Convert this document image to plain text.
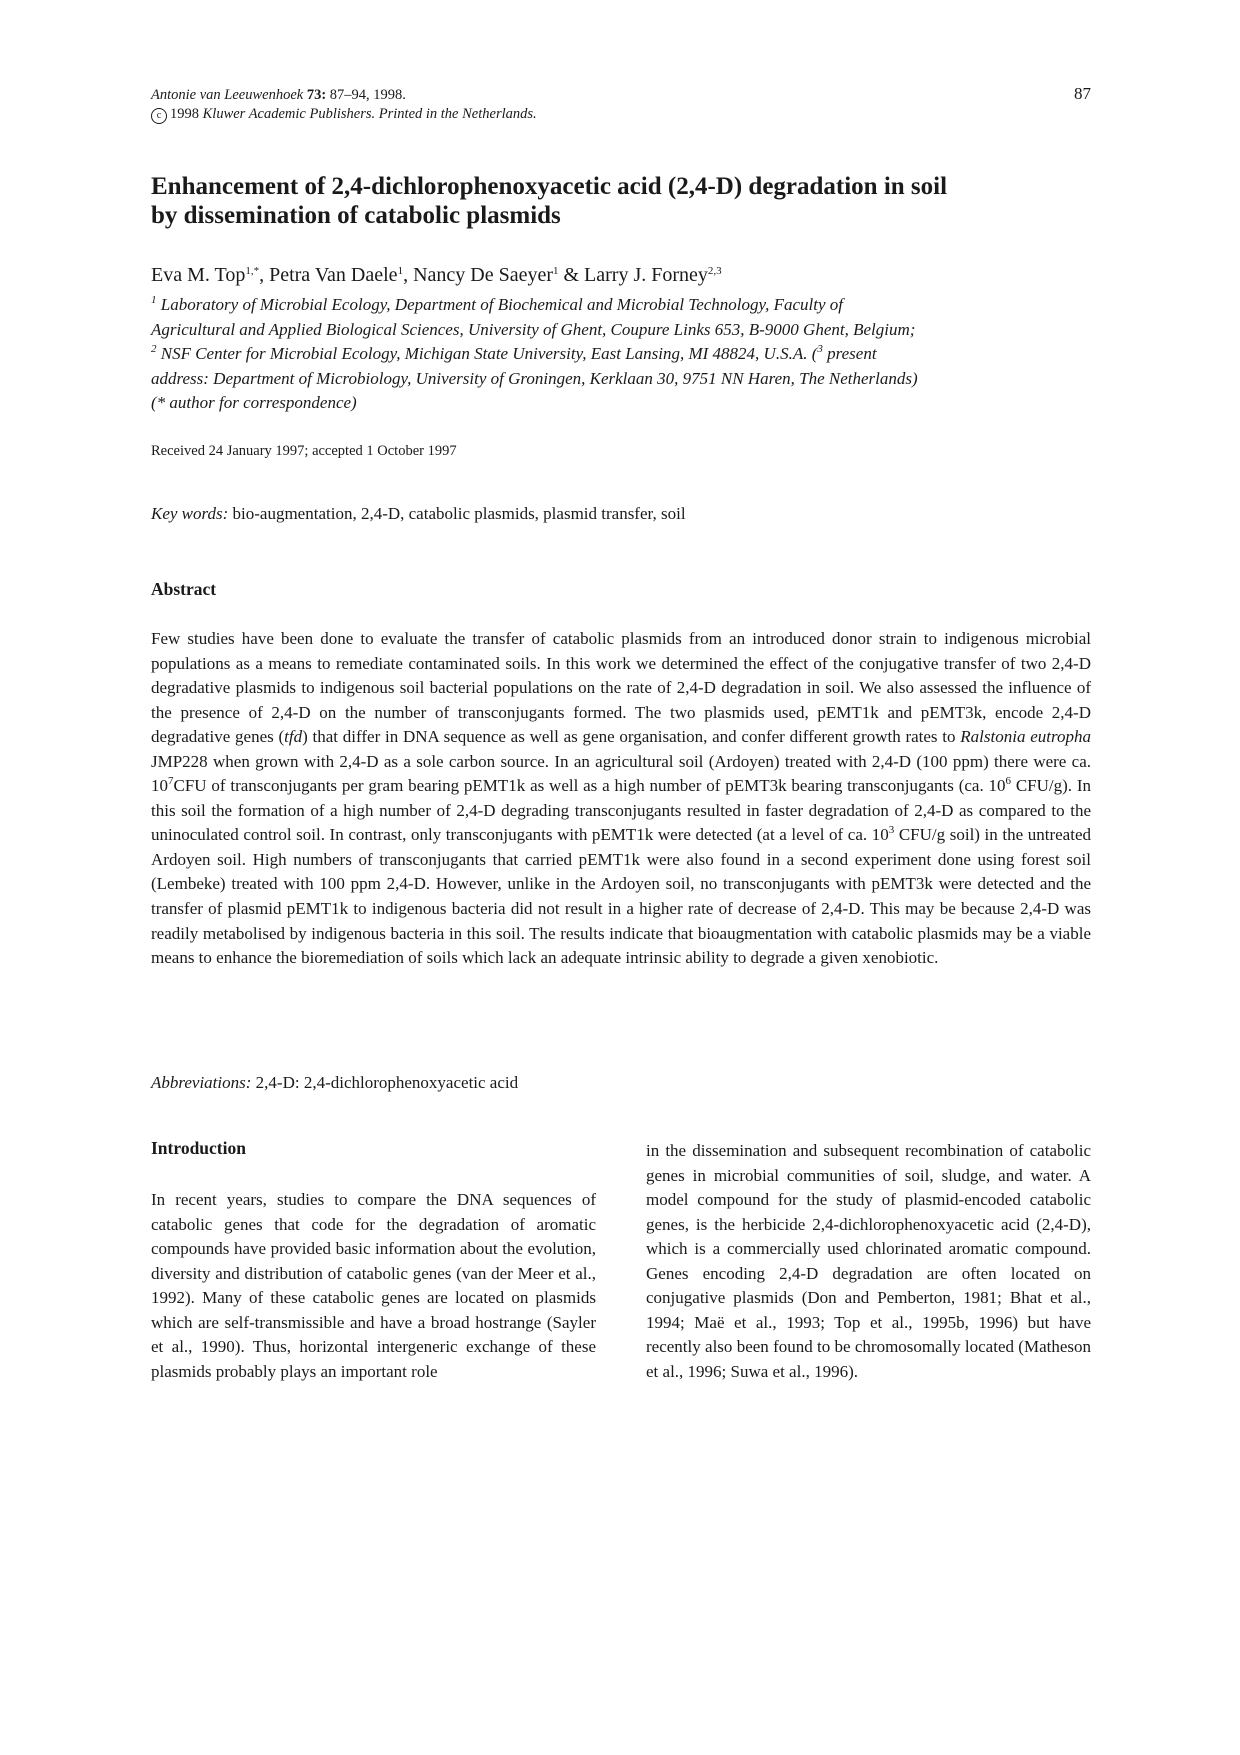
Antonie van Leeuwenhoek 73: 87–94, 1998.
c 1998 Kluwer Academic Publishers. Printed in the Netherlands.
87
Enhancement of 2,4-dichlorophenoxyacetic acid (2,4-D) degradation in soil
by dissemination of catabolic plasmids
Eva M. Top$^{1,*}$, Petra Van Daele$^1$, Nancy De Saeyer$^1$ & Larry J. Forney$^{2,3}$
$^1$ Laboratory of Microbial Ecology, Department of Biochemical and Microbial Technology, Faculty of
Agricultural and Applied Biological Sciences, University of Ghent, Coupure Links 653, B-9000 Ghent, Belgium;
$^2$ NSF Center for Microbial Ecology, Michigan State University, East Lansing, MI 48824, U.S.A. ($^3$ present
address: Department of Microbiology, University of Groningen, Kerklaan 30, 9751 NN Haren, The Netherlands)
(* author for correspondence)
Received 24 January 1997; accepted 1 October 1997
Key words: bio-augmentation, 2,4-D, catabolic plasmids, plasmid transfer, soil
Abstract

Few studies have been done to evaluate the transfer of catabolic plasmids from an introduced donor strain to indigenous microbial populations as a means to remediate contaminated soils. In this work we determined the effect of the conjugative transfer of two 2,4-D degradative plasmids to indigenous soil bacterial populations on the rate of 2,4-D degradation in soil. We also assessed the influence of the presence of 2,4-D on the number of transconjugants formed. The two plasmids used, pEMT1k and pEMT3k, encode 2,4-D degradative genes (tfd) that differ in DNA sequence as well as gene organisation, and confer different growth rates to Ralstonia eutropha JMP228 when grown with 2,4-D as a sole carbon source. In an agricultural soil (Ardoyen) treated with 2,4-D (100 ppm) there were ca. $10^7CFU$ of transconjugants per gram bearing pEMT1k as well as a high number of pEMT3k bearing transconjugants (ca. $10^6$ CFU/g). In this soil the formation of a high number of 2,4-D degrading transconjugants resulted in faster degradation of 2,4-D as compared to the uninoculated control soil. In contrast, only transconjugants with pEMT1k were detected (at a level of ca. $10^3$ CFU/g soil) in the untreated Ardoyen soil. High numbers of transconjugants that carried pEMT1k were also found in a second experiment done using forest soil (Lembeke) treated with 100 ppm 2,4-D. However, unlike in the Ardoyen soil, no transconjugants with pEMT3k were detected and the transfer of plasmid pEMT1k to indigenous bacteria did not result in a higher rate of decrease of 2,4-D. This may be because 2,4-D was readily metabolised by indigenous bacteria in this soil. The results indicate that bioaugmentation with catabolic plasmids may be a viable means to enhance the bioremediation of soils which lack an adequate intrinsic ability to degrade a given xenobiotic.

Abbreviations: 2,4-D: 2,4-dichlorophenoxyacetic acid
Introduction

In recent years, studies to compare the DNA sequences of catabolic genes that code for the degradation of aromatic compounds have provided basic information about the evolution, diversity and distribution of catabolic genes (van der Meer et al., 1992). Many of these catabolic genes are located on plasmids which are self-transmissible and have a broad hostrange (Sayler et al., 1990). Thus, horizontal intergeneric exchange of these plasmids probably plays an important role

in the dissemination and subsequent recombination of catabolic genes in microbial communities of soil, sludge, and water. A model compound for the study of plasmid-encoded catabolic genes, is the herbicide 2,4-dichlorophenoxyacetic acid (2,4-D), which is a commercially used chlorinated aromatic compound. Genes encoding 2,4-D degradation are often located on conjugative plasmids (Don and Pemberton, 1981; Bhat et al., 1994; Maë et al., 1993; Top et al., 1995b, 1996) but have recently also been found to be chromosomally located (Matheson et al., 1996; Suwa et al., 1996).
